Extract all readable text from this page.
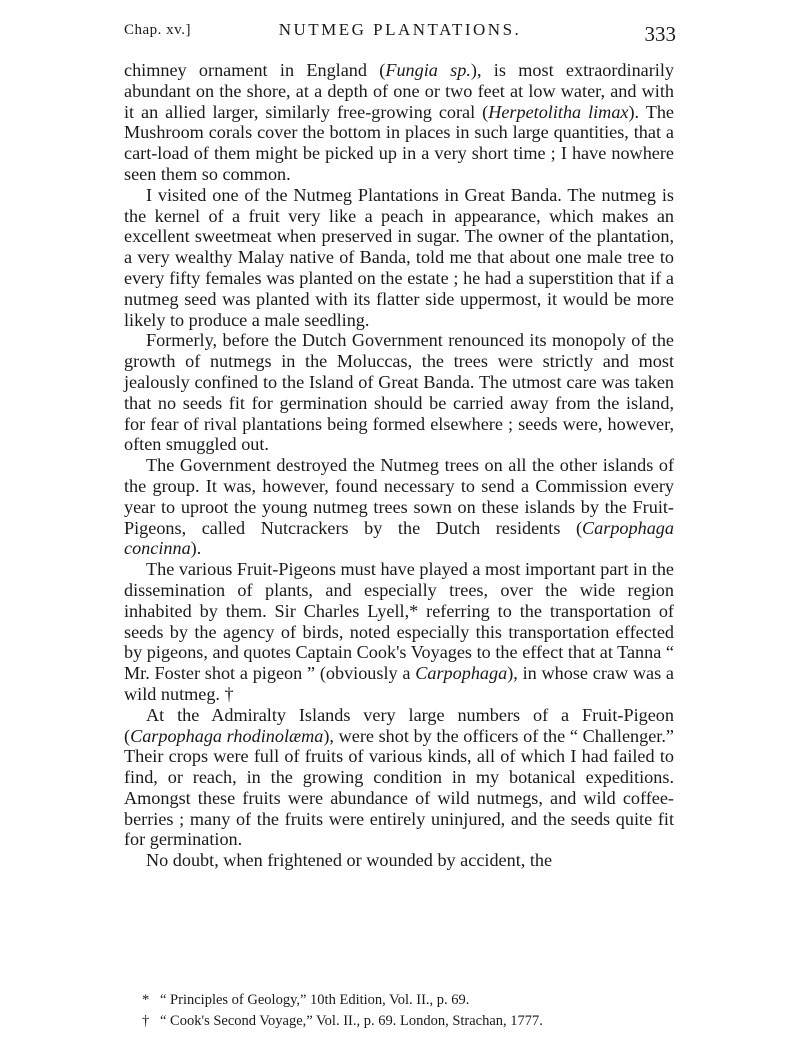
Chap. xv.]	NUTMEG PLANTATIONS.	333

chimney ornament in England (Fungia sp.), is most extraordinarily abundant on the shore, at a depth of one or two feet at low water, and with it an allied larger, similarly free-growing coral (Herpetolitha limax). The Mushroom corals cover the bottom in places in such large quantities, that a cart-load of them might be picked up in a very short time ; I have nowhere seen them so common.

I visited one of the Nutmeg Plantations in Great Banda. The nutmeg is the kernel of a fruit very like a peach in appearance, which makes an excellent sweetmeat when preserved in sugar. The owner of the plantation, a very wealthy Malay native of Banda, told me that about one male tree to every fifty females was planted on the estate ; he had a superstition that if a nutmeg seed was planted with its flatter side uppermost, it would be more likely to produce a male seedling.

Formerly, before the Dutch Government renounced its monopoly of the growth of nutmegs in the Moluccas, the trees were strictly and most jealously confined to the Island of Great Banda. The utmost care was taken that no seeds fit for germination should be carried away from the island, for fear of rival plantations being formed elsewhere ; seeds were, however, often smuggled out.

The Government destroyed the Nutmeg trees on all the other islands of the group. It was, however, found necessary to send a Commission every year to uproot the young nutmeg trees sown on these islands by the Fruit-Pigeons, called Nutcrackers by the Dutch residents (Carpophaga concinna).

The various Fruit-Pigeons must have played a most important part in the dissemination of plants, and especially trees, over the wide region inhabited by them. Sir Charles Lyell,* referring to the transportation of seeds by the agency of birds, noted especially this transportation effected by pigeons, and quotes Captain Cook's Voyages to the effect that at Tanna “ Mr. Foster shot a pigeon ” (obviously a Carpophaga), in whose craw was a wild nutmeg. †

At the Admiralty Islands very large numbers of a Fruit-Pigeon (Carpophaga rhodinolæma), were shot by the officers of the “ Challenger.” Their crops were full of fruits of various kinds, all of which I had failed to find, or reach, in the growing condition in my botanical expeditions. Amongst these fruits were abundance of wild nutmegs, and wild coffee-berries ; many of the fruits were entirely uninjured, and the seeds quite fit for germination.

No doubt, when frightened or wounded by accident, the

* “ Principles of Geology,” 10th Edition, Vol. II., p. 69.
† “ Cook's Second Voyage,” Vol. II., p. 69. London, Strachan, 1777.
